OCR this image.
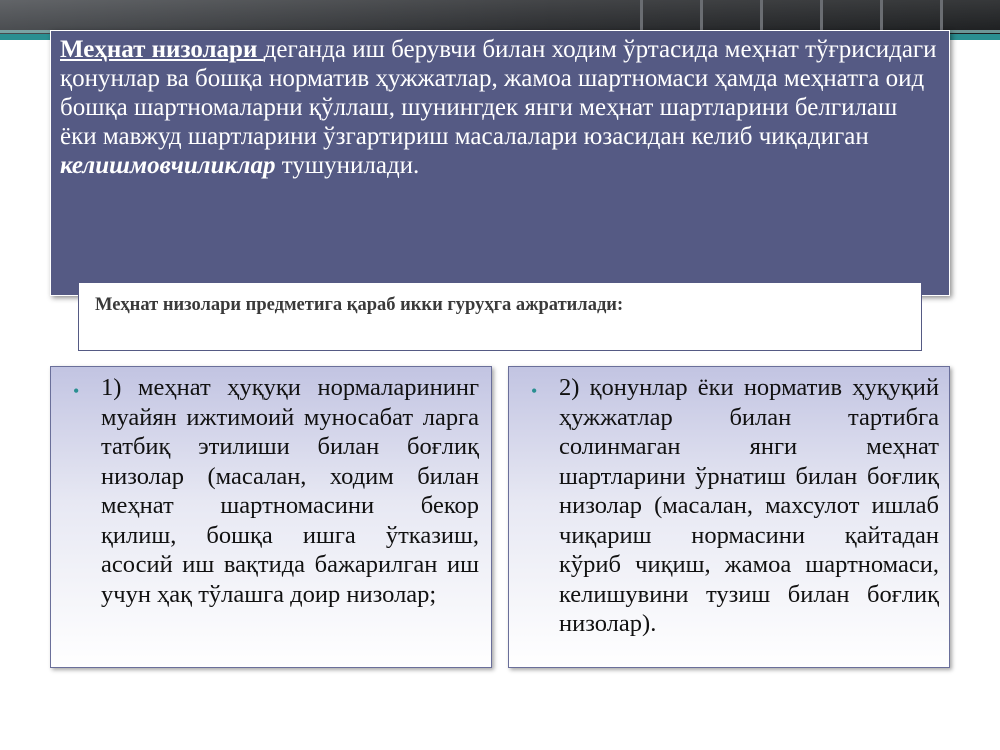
Меҳнат низолари деганда иш берувчи билан ходим ўртасида меҳнат тўғрисидаги қонунлар ва бошқа норматив ҳужжатлар, жамоа шартномаси ҳамда меҳнатга оид бошқа шартномаларни қўллаш, шунингдек янги меҳнат шартларини белгилаш ёки мавжуд шартларини ўзгартириш масалалари юзасидан келиб чиқадиган келишмовчиликлар тушунилади.

Меҳнат низолари предметига қараб икки гуруҳга ажратилади:

• 1) меҳнат ҳуқуқи нормаларининг муайян ижтимоий муносабат ларга татбиқ этилиши билан боғлиқ низолар (масалан, ходим билан меҳнат шартномасини бекор қилиш, бошқа ишга ўтказиш, асосий иш вақтида бажарилган иш учун ҳақ тўлашга доир низолар;

• 2) қонунлар ёки норматив ҳуқуқий ҳужжатлар билан тартибга солинмаган янги меҳнат шартларини ўрнатиш билан боғлиқ низолар (масалан, махсулот ишлаб чиқариш нормасини қайтадан кўриб чиқиш, жамоа шартномаси, келишувини тузиш билан боғлиқ низолар).
